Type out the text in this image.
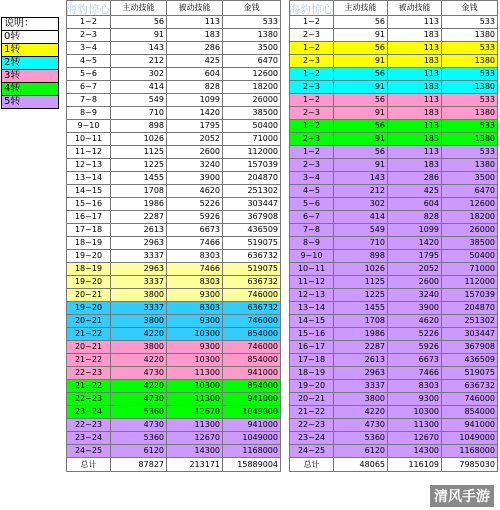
说明：
0转
1转
2转
3转
4转
5转
	主动技能	被动技能	金钱
1~2	56	113	533
2~3	91	183	1380
3~4	143	286	3500
4~5	212	425	6470
5~6	302	604	12600
6~7	414	828	18200
7~8	549	1099	26000
8~9	710	1420	38500
9~10	898	1795	50400
10~11	1026	2052	71000
11~12	1125	2600	112000
12~13	1225	3240	157039
13~14	1455	3900	204870
14~15	1708	4620	251302
15~16	1986	5226	303447
16~17	2287	5926	367908
17~18	2613	6673	436509
18~19	2963	7466	519075
19~20	3337	8303	636732
18~19	2963	7466	519075
19~20	3337	8303	636732
20~21	3800	9300	746000
19~20	3337	8303	636732
20~21	3800	9300	746000
21~22	4220	10300	854000
20~21	3800	9300	746000
21~22	4220	10300	854000
22~23	4730	11300	941000
21~22	4220	10300	854000
22~23	4730	11300	941000
23~24	5360	12670	1049000
22~23	4730	11300	941000
23~24	5360	12670	1049000
24~25	6120	14300	1168000
总计	87827	213171	15889004
	主动技能	被动技能	金钱
1~2	56	113	533
2~3	91	183	1380
1~2	56	113	533
2~3	91	183	1380
1~2	56	113	533
2~3	91	183	1380
1~2	56	113	533
2~3	91	183	1380
1~2	56	113	533
2~3	91	183	1380
1~2	56	113	533
2~3	91	183	1380
3~4	143	286	3500
4~5	212	425	6470
5~6	302	604	12600
6~7	414	828	18200
7~8	549	1099	26000
8~9	710	1420	38500
9~10	898	1795	50400
10~11	1026	2052	71000
11~12	1125	2600	112000
12~13	1225	3240	157039
13~14	1455	3900	204870
14~15	1708	4620	251302
15~16	1986	5226	303447
16~17	2287	5926	367908
17~18	2613	6673	436509
18~19	2963	7466	519075
19~20	3337	8303	636732
20~21	3800	9300	746000
21~22	4220	10300	854000
22~23	4730	11300	941000
23~24	5360	12670	1049000
24~25	6120	14300	1168000
总计	48065	116109	7985030
海豹惊心	海豹惊心
清风手游
